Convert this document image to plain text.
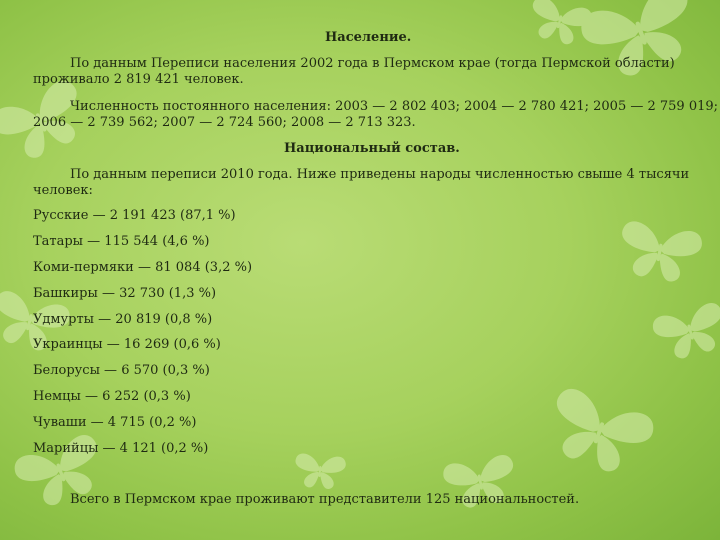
Население.
По данным Переписи населения 2002 года в Пермском крае (тогда Пермской области)
проживало 2 819 421 человек.
Численность постоянного населения: 2003 — 2 802 403; 2004 — 2 780 421; 2005 — 2 759 019;
2006 — 2 739 562; 2007 — 2 724 560; 2008 — 2 713 323.
Национальный состав.
По данным переписи 2010 года. Ниже приведены народы численностью свыше 4 тысячи
человек:
Русские — 2 191 423 (87,1 %)
Татары — 115 544 (4,6 %)
Коми-пермяки — 81 084 (3,2 %)
Башкиры — 32 730 (1,3 %)
Удмурты — 20 819 (0,8 %)
Украинцы — 16 269 (0,6 %)
Белорусы — 6 570 (0,3 %)
Немцы — 6 252 (0,3 %)
Чуваши — 4 715 (0,2 %)
Марийцы — 4 121 (0,2 %)
Всего в Пермском крае проживают представители 125 национальностей.
